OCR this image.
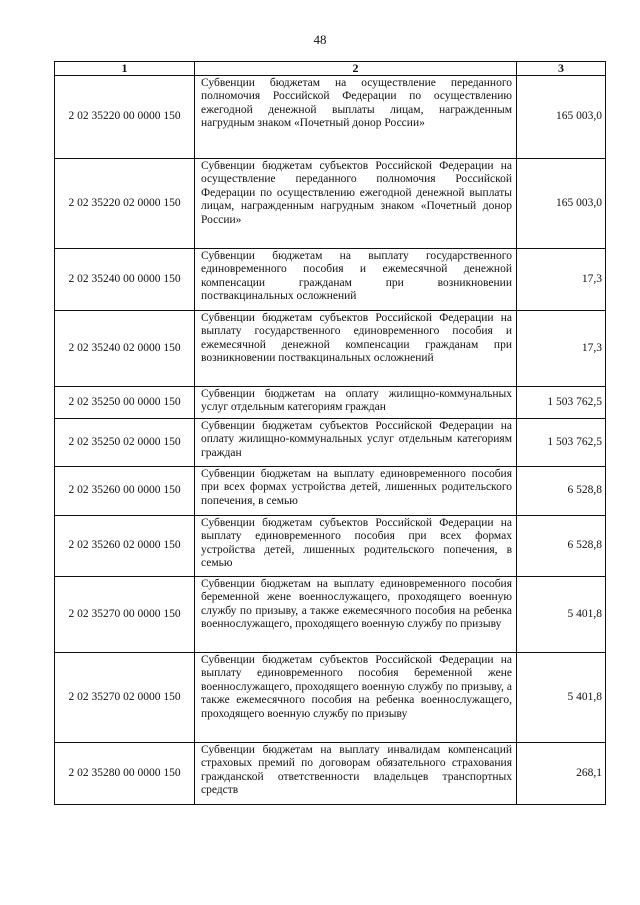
48
1	2	3
2 02 35220 00 0000 150	Субвенции бюджетам на осуществление переданного полномочия Российской Федерации по осуществлению ежегодной денежной выплаты лицам, награжденным нагрудным знаком «Почетный донор России»	165 003,0
2 02 35220 02 0000 150	Субвенции бюджетам субъектов Российской Федерации на осуществление переданного полномочия Российской Федерации по осуществлению ежегодной денежной выплаты лицам, награжденным нагрудным знаком «Почетный донор России»	165 003,0
2 02 35240 00 0000 150	Субвенции бюджетам на выплату государственного единовременного пособия и ежемесячной денежной компенсации гражданам при возникновении поствакцинальных осложнений	17,3
2 02 35240 02 0000 150	Субвенции бюджетам субъектов Российской Федерации на выплату государственного единовременного пособия и ежемесячной денежной компенсации гражданам при возникновении поствакцинальных осложнений	17,3
2 02 35250 00 0000 150	Субвенции бюджетам на оплату жилищно-коммунальных услуг отдельным категориям граждан	1 503 762,5
2 02 35250 02 0000 150	Субвенции бюджетам субъектов Российской Федерации на оплату жилищно-коммунальных услуг отдельным категориям граждан	1 503 762,5
2 02 35260 00 0000 150	Субвенции бюджетам на выплату единовременного пособия при всех формах устройства детей, лишенных родительского попечения, в семью	6 528,8
2 02 35260 02 0000 150	Субвенции бюджетам субъектов Российской Федерации на выплату единовременного пособия при всех формах устройства детей, лишенных родительского попечения, в семью	6 528,8
2 02 35270 00 0000 150	Субвенции бюджетам на выплату единовременного пособия беременной жене военнослужащего, проходящего военную службу по призыву, а также ежемесячного пособия на ребенка военнослужащего, проходящего военную службу по призыву	5 401,8
2 02 35270 02 0000 150	Субвенции бюджетам субъектов Российской Федерации на выплату единовременного пособия беременной жене военнослужащего, проходящего военную службу по призыву, а также ежемесячного пособия на ребенка военнослужащего, проходящего военную службу по призыву	5 401,8
2 02 35280 00 0000 150	Субвенции бюджетам на выплату инвалидам компенсаций страховых премий по договорам обязательного страхования гражданской ответственности владельцев транспортных средств	268,1
